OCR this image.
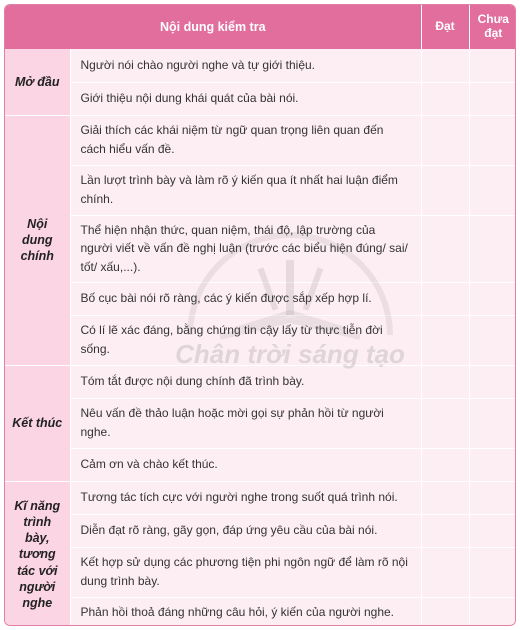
Nội dung kiểm tra		Đạt	Chưa đạt
Mở đầu	Người nói chào người nghe và tự giới thiệu.		
	Giới thiệu nội dung khái quát của bài nói.		
Nội dung chính	Giải thích các khái niệm từ ngữ quan trọng liên quan đến cách hiểu vấn đề.		
	Lần lượt trình bày và làm rõ ý kiến qua ít nhất hai luận điểm chính.		
	Thể hiện nhận thức, quan niệm, thái độ, lập trường của người viết về vấn đề nghị luận (trước các biểu hiện đúng/ sai/ tốt/ xấu,...).		
	Bố cục bài nói rõ ràng, các ý kiến được sắp xếp hợp lí.		
	Có lí lẽ xác đáng, bằng chứng tin cậy lấy từ thực tiễn đời sống.		
Kết thúc	Tóm tắt được nội dung chính đã trình bày.		
	Nêu vấn đề thảo luận hoặc mời gọi sự phản hồi từ người nghe.		
	Cảm ơn và chào kết thúc.		
Kĩ năng trình bày, tương tác với người nghe	Tương tác tích cực với người nghe trong suốt quá trình nói.		
	Diễn đạt rõ ràng, gãy gọn, đáp ứng yêu cầu của bài nói.		
	Kết hợp sử dụng các phương tiện phi ngôn ngữ để làm rõ nội dung trình bày.		
	Phản hồi thoả đáng những câu hỏi, ý kiến của người nghe.		
Chân trời sáng tạo
